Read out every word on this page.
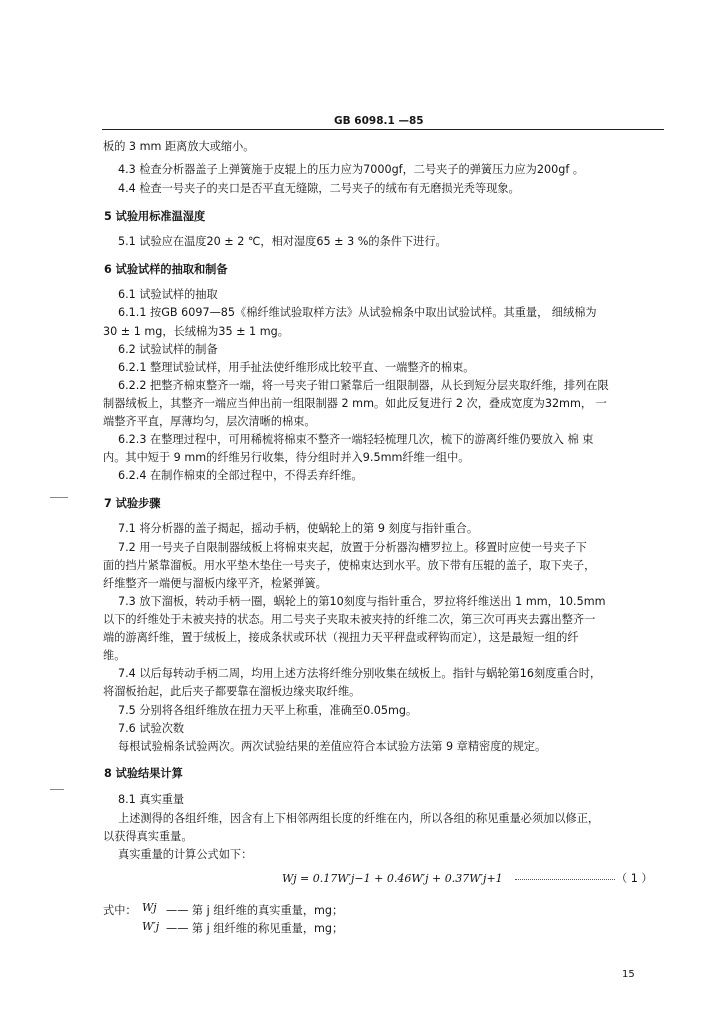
GB 6098.1 —85
板的 3 mm 距离放大或缩小。
4.3 检查分析器盖子上弹簧施于皮辊上的压力应为7000gf，二号夹子的弹簧压力应为200gf 。
4.4 检查一号夹子的夹口是否平直无缝隙，二号夹子的绒布有无磨损光秃等现象。
5 试验用标准温湿度
5.1 试验应在温度20 ± 2 ℃，相对湿度65 ± 3 %的条件下进行。
6 试验试样的抽取和制备
6.1 试验试样的抽取
6.1.1 按GB 6097—85《棉纤维试验取样方法》从试验棉条中取出试验试样。其重量， 细绒棉为
30 ± 1 mg，长绒棉为35 ± 1 mg。
6.2 试验试样的制备
6.2.1 整理试验试样，用手扯法使纤维形成比较平直、一端整齐的棉束。
6.2.2 把整齐棉束整齐一端，将一号夹子钳口紧靠后一组限制器，从长到短分层夹取纤维，排列在限
制器绒板上，其整齐一端应当伸出前一组限制器 2 mm。如此反复进行 2 次，叠成宽度为32mm， 一
端整齐平直，厚薄均匀，层次清晰的棉束。
6.2.3 在整理过程中，可用稀梳将棉束不整齐一端轻轻梳理几次，梳下的游离纤维仍要放入 棉 束
内。其中短于 9 mm的纤维另行收集，待分组时并入9.5mm纤维一组中。
6.2.4 在制作棉束的全部过程中，不得丢弃纤维。
7 试验步骤
7.1 将分析器的盖子揭起，摇动手柄，使蜗轮上的第 9 刻度与指针重合。
7.2 用一号夹子自限制器绒板上将棉束夹起，放置于分析器沟槽罗拉上。移置时应使一号夹子下
面的挡片紧靠溜板。用水平垫木垫住一号夹子，使棉束达到水平。放下带有压辊的盖子，取下夹子，
纤维整齐一端便与溜板内缘平齐，检紧弹簧。
7.3 放下溜板，转动手柄一圈，蜗轮上的第10刻度与指针重合，罗拉将纤维送出 1 mm，10.5mm
以下的纤维处于未被夹持的状态。用二号夹子夹取未被夹持的纤维二次，第三次可再夹去露出整齐一
端的游离纤维，置于绒板上，接成条状或环状（视扭力天平秤盘或秤钩而定），这是最短一组的纤
维。
7.4 以后每转动手柄二周，均用上述方法将纤维分别收集在绒板上。指针与蜗轮第16刻度重合时，
将溜板抬起，此后夹子都要靠在溜板边缘夹取纤维。
7.5 分别将各组纤维放在扭力天平上称重，准确至0.05mg。
7.6 试验次数
每根试验棉条试验两次。两次试验结果的差值应符合本试验方法第 9 章精密度的规定。
8 试验结果计算
8.1 真实重量
上述测得的各组纤维，因含有上下相邻两组长度的纤维在内，所以各组的称见重量必须加以修正，
以获得真实重量。
真实重量的计算公式如下：
Wj = 0.17W′j−1 + 0.46W′j + 0.37W′j+1	（ 1 ）
式中： Wj —— 第 j 组纤维的真实重量，mg；
W′j —— 第 j 组纤维的称见重量，mg；
15
